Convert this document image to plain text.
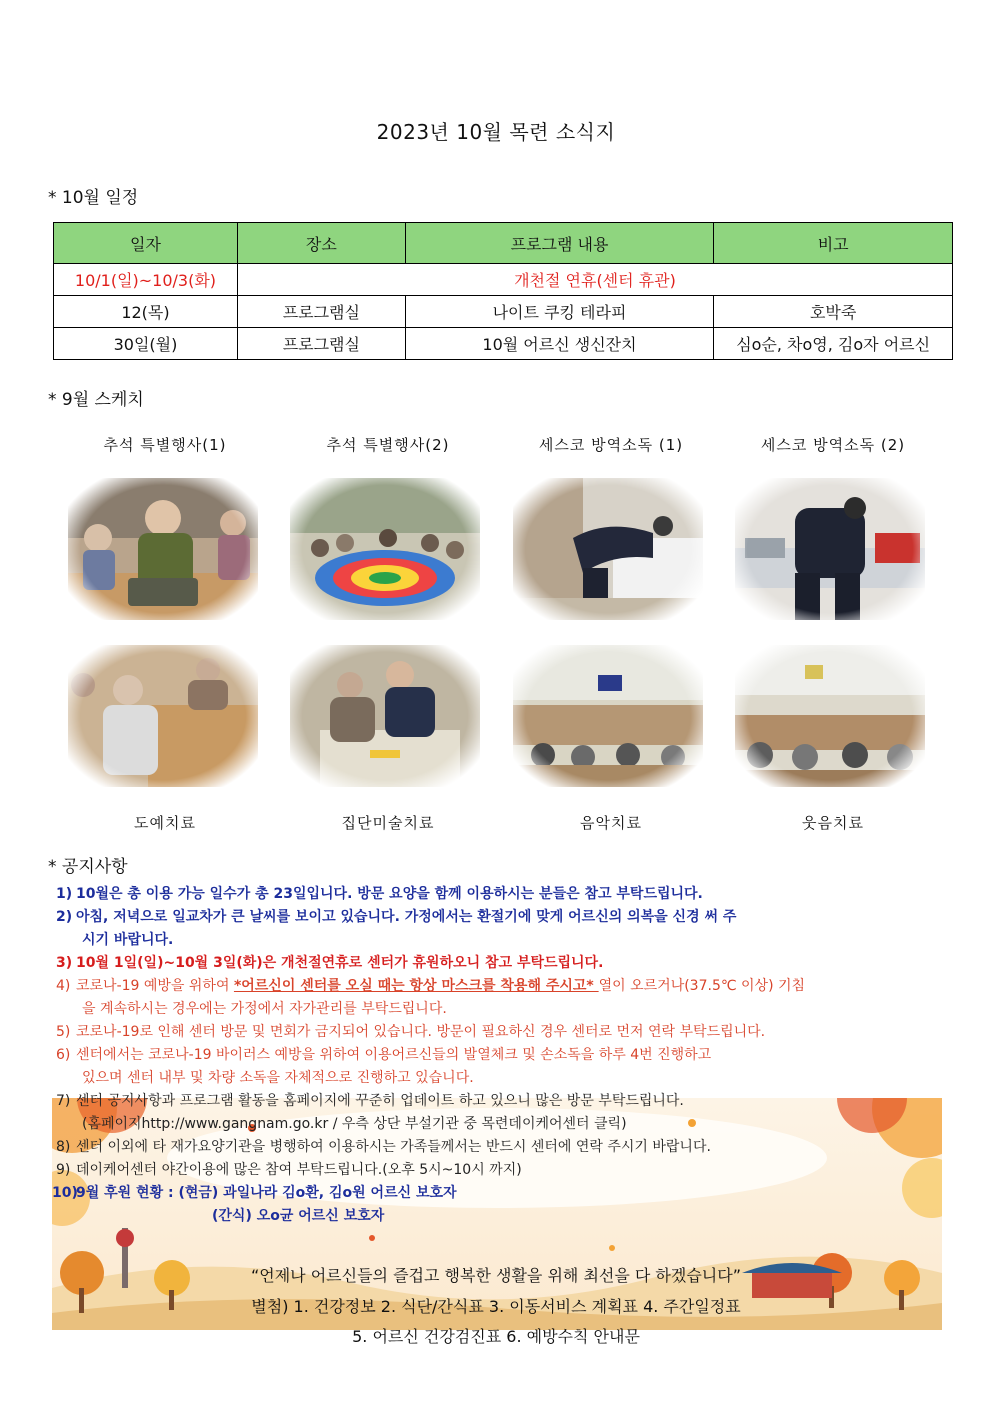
2023년 10월 목련 소식지
* 10월 일정
일자	장소	프로그램 내용	비고
10/1(일)~10/3(화)	개천절 연휴(센터 휴관)		
12(목)	프로그램실	나이트 쿠킹 테라피	호박죽
30일(월)	프로그램실	10월 어르신 생신잔치	심o순, 차o영, 김o자 어르신
* 9월 스케치
추석 특별행사(1)	추석 특별행사(2)	세스코 방역소독 (1)	세스코 방역소독 (2)
도예치료	집단미술치료	음악치료	웃음치료
* 공지사항
1) 10월은 총 이용 가능 일수가 총 23일입니다. 방문 요양을 함께 이용하시는 분들은 참고 부탁드립니다.
2) 아침, 저녁으로 일교차가 큰 날씨를 보이고 있습니다. 가정에서는 환절기에 맞게 어르신의 의복을 신경 써 주
시기 바랍니다.
3) 10월 1일(일)~10월 3일(화)은 개천절연휴로 센터가 휴원하오니 참고 부탁드립니다.
4) 코로나-19 예방을 위하여 *어르신이 센터를 오실 때는 항상 마스크를 착용해 주시고* 열이 오르거나(37.5℃ 이상) 기침
을 계속하시는 경우에는 가정에서 자가관리를 부탁드립니다.
5) 코로나-19로 인해 센터 방문 및 면회가 금지되어 있습니다. 방문이 필요하신 경우 센터로 먼저 연락 부탁드립니다.
6) 센터에서는 코로나-19 바이러스 예방을 위하여 이용어르신들의 발열체크 및 손소독을 하루 4번 진행하고
있으며 센터 내부 및 차량 소독을 자체적으로 진행하고 있습니다.
7) 센터 공지사항과 프로그램 활동을 홈페이지에 꾸준히 업데이트 하고 있으니 많은 방문 부탁드립니다.
(홈페이지http://www.gangnam.go.kr / 우측 상단 부설기관 중 목련데이케어센터 클릭)
8) 센터 이외에 타 재가요양기관을 병행하여 이용하시는 가족들께서는 반드시 센터에 연락 주시기 바랍니다.
9) 데이케어센터 야간이용에 많은 참여 부탁드립니다.(오후 5시~10시 까지)
10)
9월 후원 현황 : (현금) 과일나라 김o환, 김o원 어르신 보호자
(간식) 오o균 어르신 보호자
“언제나 어르신들의 즐겁고 행복한 생활을 위해 최선을 다 하겠습니다”
별첨) 1. 건강정보 2. 식단/간식표 3. 이동서비스 계획표 4. 주간일정표
5. 어르신 건강검진표 6. 예방수칙 안내문
